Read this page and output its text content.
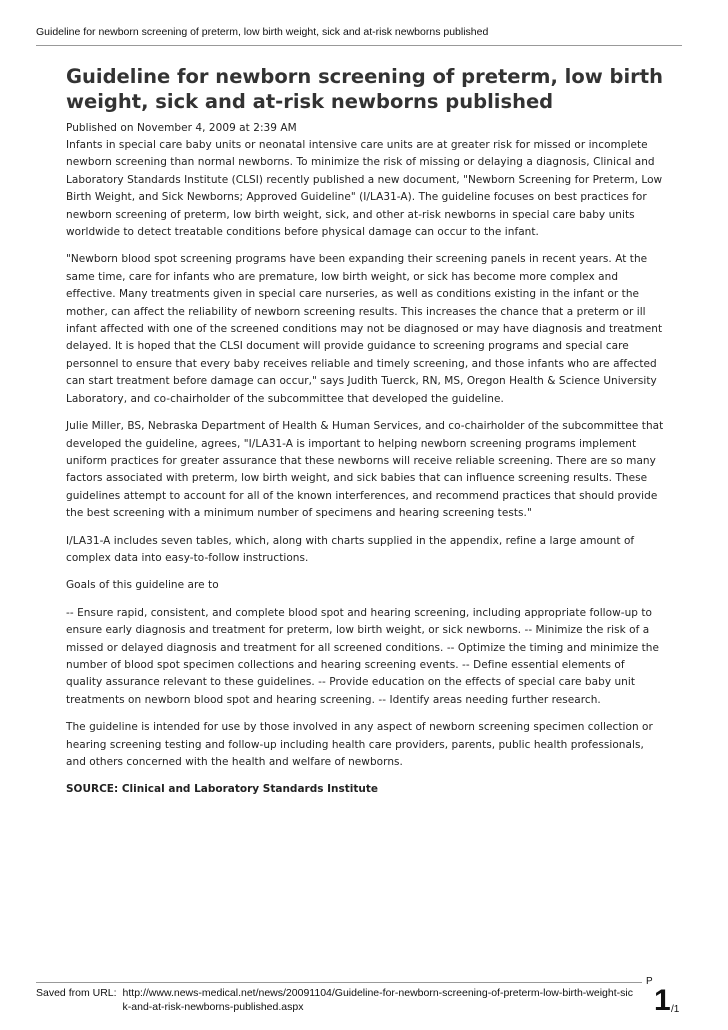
Guideline for newborn screening of preterm, low birth weight, sick and at-risk newborns published
Guideline for newborn screening of preterm, low birth weight, sick and at-risk newborns published
Published on November 4, 2009 at 2:39 AM

Infants in special care baby units or neonatal intensive care units are at greater risk for missed or incomplete newborn screening than normal newborns. To minimize the risk of missing or delaying a diagnosis, Clinical and Laboratory Standards Institute (CLSI) recently published a new document, "Newborn Screening for Preterm, Low Birth Weight, and Sick Newborns; Approved Guideline" (I/LA31-A). The guideline focuses on best practices for newborn screening of preterm, low birth weight, sick, and other at-risk newborns in special care baby units worldwide to detect treatable conditions before physical damage can occur to the infant.

"Newborn blood spot screening programs have been expanding their screening panels in recent years. At the same time, care for infants who are premature, low birth weight, or sick has become more complex and effective. Many treatments given in special care nurseries, as well as conditions existing in the infant or the mother, can affect the reliability of newborn screening results. This increases the chance that a preterm or ill infant affected with one of the screened conditions may not be diagnosed or may have diagnosis and treatment delayed. It is hoped that the CLSI document will provide guidance to screening programs and special care personnel to ensure that every baby receives reliable and timely screening, and those infants who are affected can start treatment before damage can occur," says Judith Tuerck, RN, MS, Oregon Health & Science University Laboratory, and co-chairholder of the subcommittee that developed the guideline.

Julie Miller, BS, Nebraska Department of Health & Human Services, and co-chairholder of the subcommittee that developed the guideline, agrees, "I/LA31-A is important to helping newborn screening programs implement uniform practices for greater assurance that these newborns will receive reliable screening. There are so many factors associated with preterm, low birth weight, and sick babies that can influence screening results. These guidelines attempt to account for all of the known interferences, and recommend practices that should provide the best screening with a minimum number of specimens and hearing screening tests."

I/LA31-A includes seven tables, which, along with charts supplied in the appendix, refine a large amount of complex data into easy-to-follow instructions.

Goals of this guideline are to

-- Ensure rapid, consistent, and complete blood spot and hearing screening, including appropriate follow-up to ensure early diagnosis and treatment for preterm, low birth weight, or sick newborns. -- Minimize the risk of a missed or delayed diagnosis and treatment for all screened conditions. -- Optimize the timing and minimize the number of blood spot specimen collections and hearing screening events. -- Define essential elements of quality assurance relevant to these guidelines. -- Provide education on the effects of special care baby unit treatments on newborn blood spot and hearing screening. -- Identify areas needing further research.

The guideline is intended for use by those involved in any aspect of newborn screening specimen collection or hearing screening testing and follow-up including health care providers, parents, public health professionals, and others concerned with the health and welfare of newborns.

SOURCE: Clinical and Laboratory Standards Institute
Saved from URL: http://www.news-medical.net/news/20091104/Guideline-for-newborn-screening-of-preterm-low-birth-weight-sick-and-at-risk-newborns-published.aspx
P
1 /1
